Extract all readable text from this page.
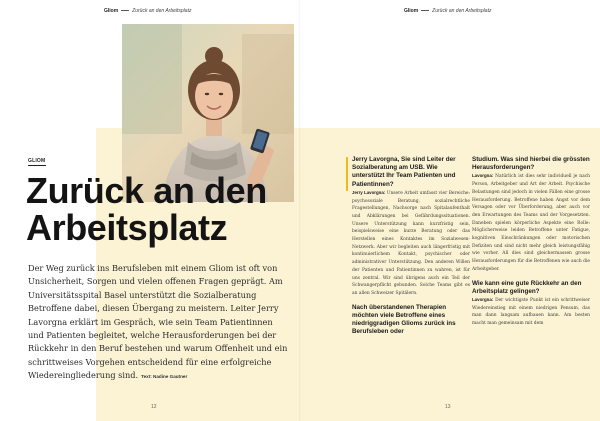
Gliom	Zurück an den Arbeitsplatz	Gliom	Zurück an den Arbeitsplatz
GLIOM
Zurück an den Arbeitsplatz

Der Weg zurück ins Berufsleben mit einem Gliom ist oft von Unsicherheit, Sorgen und vielen offenen Fragen geprägt. Am Universitätsspital Basel unterstützt die Sozialberatung Betroffene dabei, diesen Übergang zu meistern. Leiter Jerry Lavorgna erklärt im Gespräch, wie sein Team Patientinnen und Patienten begleitet, welche Herausforderungen bei der Rückkehr in den Beruf bestehen und warum Offenheit und ein schrittweises Vorgehen entscheidend für eine erfolgreiche Wiedereingliederung sind. Text: Nadine Gautner

12	13

Jerry Lavorgna, Sie sind Leiter der Sozialberatung am USB. Wie unterstützt Ihr Team Patienten und Patientinnen?

Jerry Lavorgna: Unsere Arbeit umfasst vier Bereiche: psychosoziale Beratung, sozialrechtliche Fragestellungen, Nachsorge nach Spitalaufenthalt und Abklärungen bei Gefährdungssituationen. Unsere Unterstützung kann kurzfristig sein, beispielsweise eine kurze Beratung oder das Herstellen eines Kontaktes im Sozialwesen-Netzwerk. Aber wir begleiten auch längerfristig mit kontinuierlichem Kontakt, psychischer oder administrativer Unterstützung. Den anderen Willen der Patienten und Patientinnen zu wahren, ist für uns zentral. Wir sind übrigens auch ein Teil der Schwangerpflicht gebunden. Solche Teams gibt es an allen Schweizer Spitälern.

Nach überstandenen Therapien möchten viele Betroffene eines niedriggradigen Glioms zurück ins Berufsleben oder

Studium. Was sind hierbei die grössten Herausforderungen?

Lavorgna: Natürlich ist dies sehr individuell je nach Person, Arbeitgeber und Art der Arbeit. Psychische Belastungen sind jedoch in vielen Fällen eine grosse Herausforderung. Betroffene haben Angst vor dem Versagen oder vor Überforderung, aber auch vor den Erwartungen des Teams und der Vorgesetzten. Daneben spielen körperliche Aspekte eine Rolle: Möglicherweise leiden Betroffene unter Fatigue, kognitiven Einschränkungen oder motorischen Defiziten und sind nicht mehr gleich leistungsfähig wie vorher. All dies sind gleichermassen grosse Herausforderungen für die Betroffenen wie auch die Arbeitgeber.

Wie kann eine gute Rückkehr an den Arbeitsplatz gelingen?

Lavorgna: Der wichtigste Punkt ist ein schrittweiser Wiedereinstieg mit einem niedrigen Pensum, das man dann langsam aufbauen kann. Am besten macht man gemeinsam mit dem
